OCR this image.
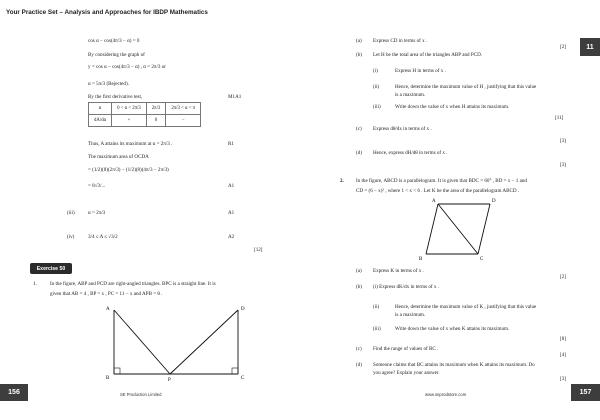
Your Practice Set – Analysis and Approaches for IBDP Mathematics
cos α − cos(4π/3 − α) = 0
By considering the graph of
y = cos α − cos(4π/3 − α) , α = 2π/3 or
α = 5π/3 (Rejected).
By the first derivative test,	M1A1
α	0 < α < 2π/3	2π/3	2π/3 < α < π
dA/dα	+	0	−
Thus, A attains its maximum at α = 2π/3 .	R1
The maximum area of OCDA
= (1/2)(8)(2π/3) − (1/2)(8)(4π/3 − 2π/3)
= 8√3/...	A1
(iii)	α = 2π/3	A1
(iv)	3/4 ≤ A ≤ √3/2	A2
[12]
Exercise 50
1.	In the figure, ABP and PCD are right-angled triangles. BPC is a straight line. It is
given that AB = 4 , BP = x , PC = 11 − x and APB = θ .
A
B	P	C
D
156	SE Production Limited
11
(a) Express CD in terms of x .
[2]
(b) Let H be the total area of the triangles ABP and PCD.
(i)	Express H in terms of x .
(ii)	Hence, determine the maximum value of H , justifying that this value
is a maximum.
(iii)	Write down the value of x when H attains its maximum.
[11]
(c) Express dθ/dx in terms of x .
[3]
(d) Hence, express dH/dθ in terms of x .
[3]
2. In the figure, ABCD is a parallelogram. It is given that BDC = 60° , BD = x − 1 and
CD = (6 − x)² , where 1 < x < 6 . Let K be the area of the parallelogram ABCD .
A	D
B	C
(a) Express K in terms of x .
[2]
(b) (i) Express dK/dx in terms of x .
(ii)	Hence, determine the maximum value of K , justifying that this value
is a maximum.
(iii)	Write down the value of x when K attains its maximum.
[8]
(c) Find the range of values of BC .
[4]
(d) Someone claims that BC attains its maximum when K attains its maximum. Do
you agree? Explain your answer.
[3]
157
www.seprodstore.com
